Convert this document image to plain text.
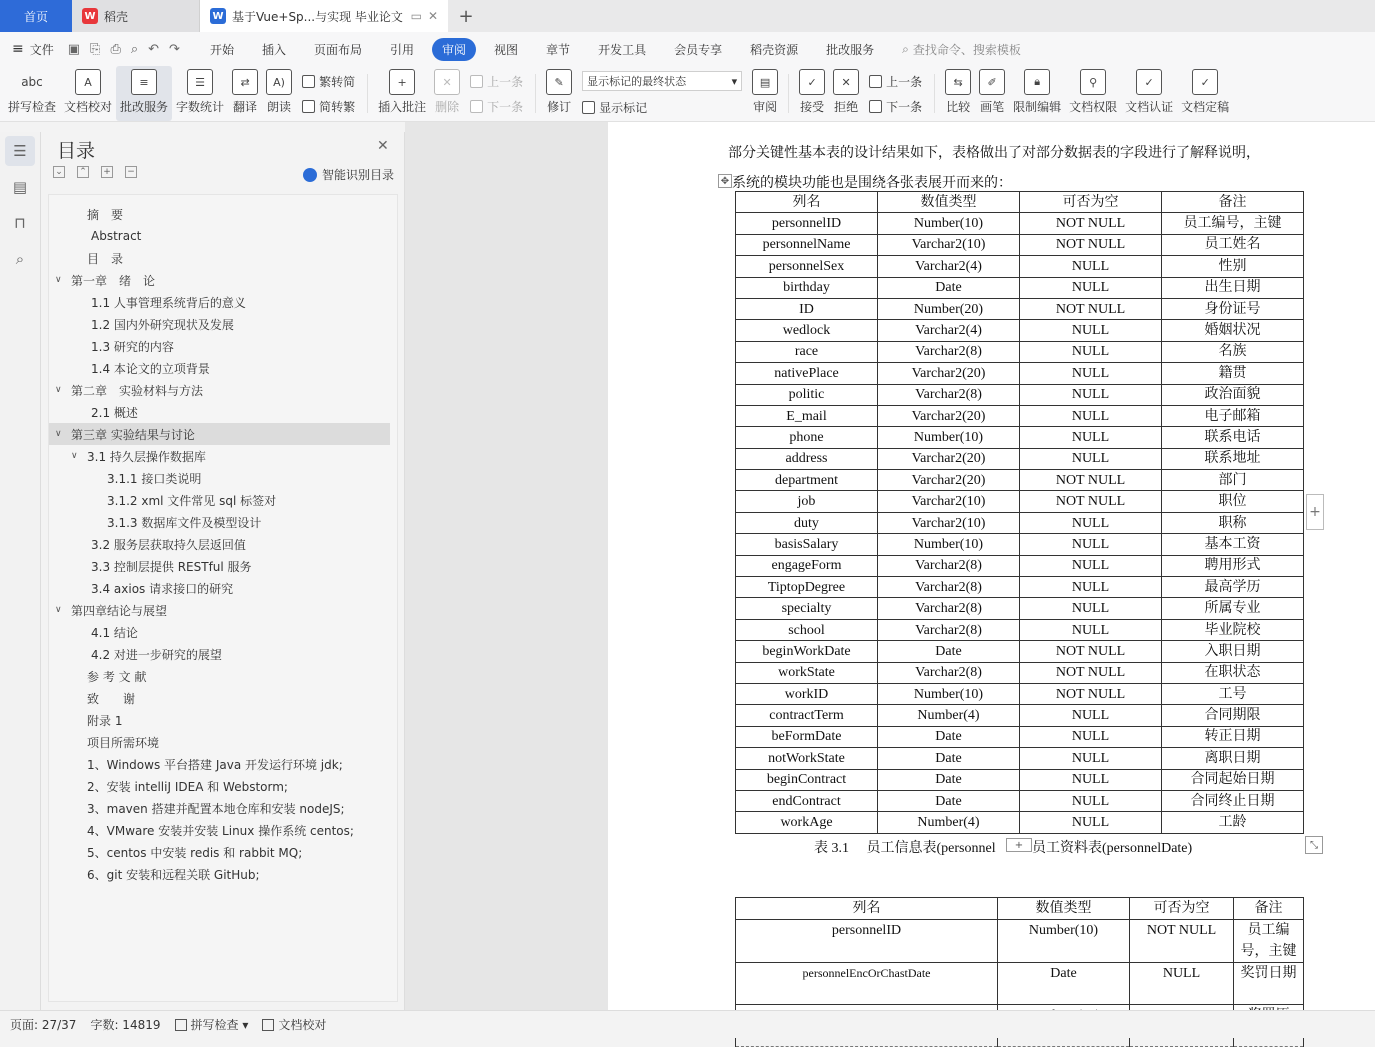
首页	W 稻壳	W 基于Vue+Sp...与实现 毕业论文 ▭ ✕	+
≡ 文件 ▣ ⎘ ⎙ ⌕ ↶ ↷	开始	插入	页面布局	引用	审阅	视图	章节	开发工具	会员专享	稻壳资源	批改服务	⌕ 查找命令、搜索模板
abc
拼写检查
A
文档校对
≡
批改服务
☰
字数统计
⇄
翻译
A)
朗读
繁转简
简转繁
+
插入批注
✕
删除
上一条
下一条
✎
修订
显示标记的最终状态	▾
显示标记
▤
审阅
✓
接受
✕
拒绝
上一条
下一条
⇆
比较
✐
画笔
🔒︎
限制编辑
⚲
文档权限
✓
文档认证
✓
文档定稿
☰
▤
⊓
⌕
目录	✕
⌄ ⌃ + −	智能识别目录
摘　要
Abstract
目　录
∨ 第一章　绪　论
1.1 人事管理系统背后的意义
1.2 国内外研究现状及发展
1.3 研究的内容
1.4 本论文的立项背景
∨ 第二章　实验材料与方法
2.1 概述
∨ 第三章 实验结果与讨论
∨ 3.1 持久层操作数据库
3.1.1 接口类说明
3.1.2 xml 文件常见 sql 标签对
3.1.3 数据库文件及模型设计
3.2 服务层获取持久层返回值
3.3 控制层提供 RESTful 服务
3.4 axios 请求接口的研究
∨ 第四章结论与展望
4.1 结论
4.2 对进一步研究的展望
参 考 文 献
致　　谢
附录 1
项目所需环境
1、Windows 平台搭建 Java 开发运行环境 jdk;
2、安装 intelliJ IDEA 和 Webstorm;
3、maven 搭建并配置本地仓库和安装 nodeJS;
4、VMware 安装并安装 Linux 操作系统 centos;
5、centos 中安装 redis 和 rabbit MQ;
6、git 安装和远程关联 GitHub;
部分关键性基本表的设计结果如下，表格做出了对部分数据表的字段进行了解释说明，
系统的模块功能也是围绕各张表展开而来的：
✥
列名	数值类型	可否为空	备注
personnelID	Number(10)	NOT NULL	员工编号，主键
personnelName	Varchar2(10)	NOT NULL	员工姓名
personnelSex	Varchar2(4)	NULL	性别
birthday	Date	NULL	出生日期
ID	Number(20)	NOT NULL	身份证号
wedlock	Varchar2(4)	NULL	婚姻状况
race	Varchar2(8)	NULL	名族
nativePlace	Varchar2(20)	NULL	籍贯
politic	Varchar2(8)	NULL	政治面貌
E_mail	Varchar2(20)	NULL	电子邮箱
phone	Number(10)	NULL	联系电话
address	Varchar2(20)	NULL	联系地址
department	Varchar2(20)	NOT NULL	部门
job	Varchar2(10)	NOT NULL	职位
duty	Varchar2(10)	NULL	职称
basisSalary	Number(10)	NULL	基本工资
engageForm	Varchar2(8)	NULL	聘用形式
TiptopDegree	Varchar2(8)	NULL	最高学历
specialty	Varchar2(8)	NULL	所属专业
school	Varchar2(8)	NULL	毕业院校
beginWorkDate	Date	NOT NULL	入职日期
workState	Varchar2(8)	NOT NULL	在职状态
workID	Number(10)	NOT NULL	工号
contractTerm	Number(4)	NULL	合同期限
beFormDate	Date	NULL	转正日期
notWorkState	Date	NULL	离职日期
beginContract	Date	NULL	合同起始日期
endContract	Date	NULL	合同终止日期
workAge	Number(4)	NULL	工龄
表 3.1　 员工信息表(personnel	员工资料表(personnelDate)
+	⤡
+
列名	数值类型	可否为空	备注
personnelID	Number(10)	NOT NULL	员工编号，主键
personnelEncOrChastDate	Date	NULL	奖罚日期

页面: 27/37 字数: 14819	拼写检查 ▾	文档校对
